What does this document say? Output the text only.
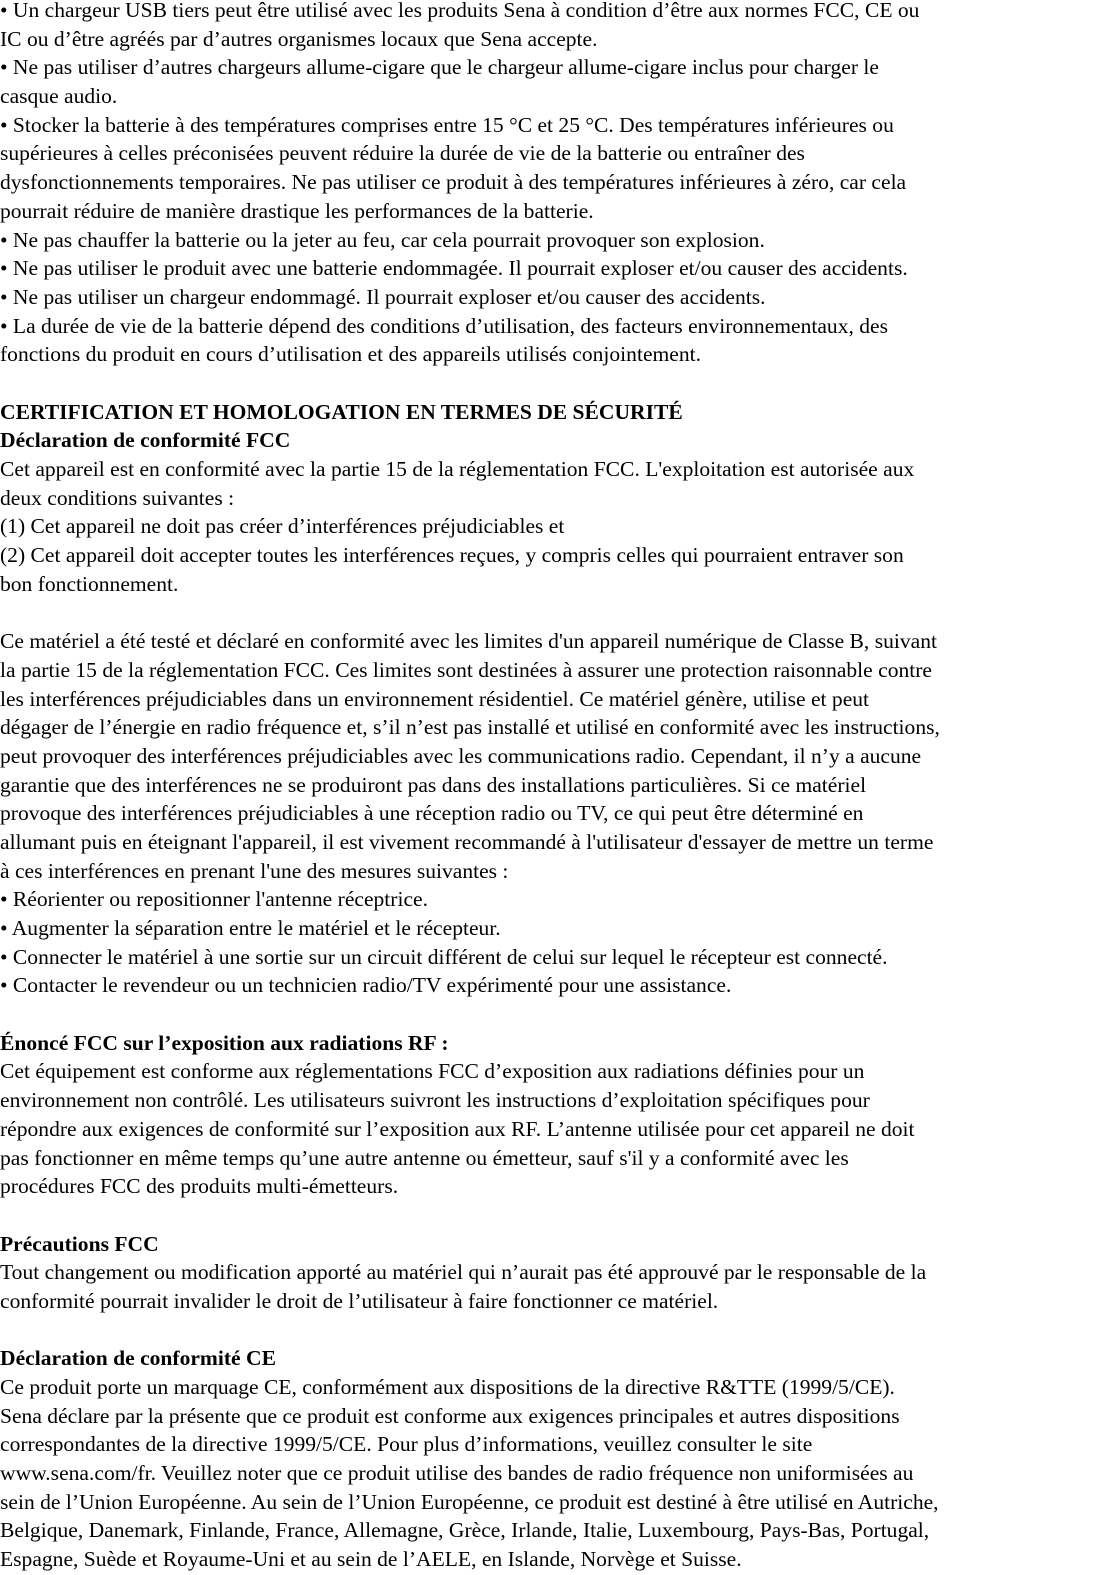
• Un chargeur USB tiers peut être utilisé avec les produits Sena à condition d’être aux normes FCC, CE ou
IC ou d’être agréés par d’autres organismes locaux que Sena accepte.
• Ne pas utiliser d’autres chargeurs allume-cigare que le chargeur allume-cigare inclus pour charger le
casque audio.
• Stocker la batterie à des températures comprises entre 15 °C et 25 °C. Des températures inférieures ou
supérieures à celles préconisées peuvent réduire la durée de vie de la batterie ou entraîner des
dysfonctionnements temporaires. Ne pas utiliser ce produit à des températures inférieures à zéro, car cela
pourrait réduire de manière drastique les performances de la batterie.
• Ne pas chauffer la batterie ou la jeter au feu, car cela pourrait provoquer son explosion.
• Ne pas utiliser le produit avec une batterie endommagée. Il pourrait exploser et/ou causer des accidents.
• Ne pas utiliser un chargeur endommagé. Il pourrait exploser et/ou causer des accidents.
• La durée de vie de la batterie dépend des conditions d’utilisation, des facteurs environnementaux, des
fonctions du produit en cours d’utilisation et des appareils utilisés conjointement.
CERTIFICATION ET HOMOLOGATION EN TERMES DE SÉCURITÉ
Déclaration de conformité FCC
Cet appareil est en conformité avec la partie 15 de la réglementation FCC. L'exploitation est autorisée aux
deux conditions suivantes :
(1) Cet appareil ne doit pas créer d’interférences préjudiciables et
(2) Cet appareil doit accepter toutes les interférences reçues, y compris celles qui pourraient entraver son
bon fonctionnement.
Ce matériel a été testé et déclaré en conformité avec les limites d'un appareil numérique de Classe B, suivant
la partie 15 de la réglementation FCC. Ces limites sont destinées à assurer une protection raisonnable contre
les interférences préjudiciables dans un environnement résidentiel. Ce matériel génère, utilise et peut
dégager de l’énergie en radio fréquence et, s’il n’est pas installé et utilisé en conformité avec les instructions,
peut provoquer des interférences préjudiciables avec les communications radio. Cependant, il n’y a aucune
garantie que des interférences ne se produiront pas dans des installations particulières. Si ce matériel
provoque des interférences préjudiciables à une réception radio ou TV, ce qui peut être déterminé en
allumant puis en éteignant l'appareil, il est vivement recommandé à l'utilisateur d'essayer de mettre un terme
à ces interférences en prenant l'une des mesures suivantes :
• Réorienter ou repositionner l'antenne réceptrice.
• Augmenter la séparation entre le matériel et le récepteur.
• Connecter le matériel à une sortie sur un circuit différent de celui sur lequel le récepteur est connecté.
• Contacter le revendeur ou un technicien radio/TV expérimenté pour une assistance.
Énoncé FCC sur l’exposition aux radiations RF :
Cet équipement est conforme aux réglementations FCC d’exposition aux radiations définies pour un
environnement non contrôlé. Les utilisateurs suivront les instructions d’exploitation spécifiques pour
répondre aux exigences de conformité sur l’exposition aux RF. L’antenne utilisée pour cet appareil ne doit
pas fonctionner en même temps qu’une autre antenne ou émetteur, sauf s'il y a conformité avec les
procédures FCC des produits multi-émetteurs.
Précautions FCC
Tout changement ou modification apporté au matériel qui n’aurait pas été approuvé par le responsable de la
conformité pourrait invalider le droit de l’utilisateur à faire fonctionner ce matériel.
Déclaration de conformité CE
Ce produit porte un marquage CE, conformément aux dispositions de la directive R&TTE (1999/5/CE).
Sena déclare par la présente que ce produit est conforme aux exigences principales et autres dispositions
correspondantes de la directive 1999/5/CE. Pour plus d’informations, veuillez consulter le site
www.sena.com/fr. Veuillez noter que ce produit utilise des bandes de radio fréquence non uniformisées au
sein de l’Union Européenne. Au sein de l’Union Européenne, ce produit est destiné à être utilisé en Autriche,
Belgique, Danemark, Finlande, France, Allemagne, Grèce, Irlande, Italie, Luxembourg, Pays-Bas, Portugal,
Espagne, Suède et Royaume-Uni et au sein de l’AELE, en Islande, Norvège et Suisse.
